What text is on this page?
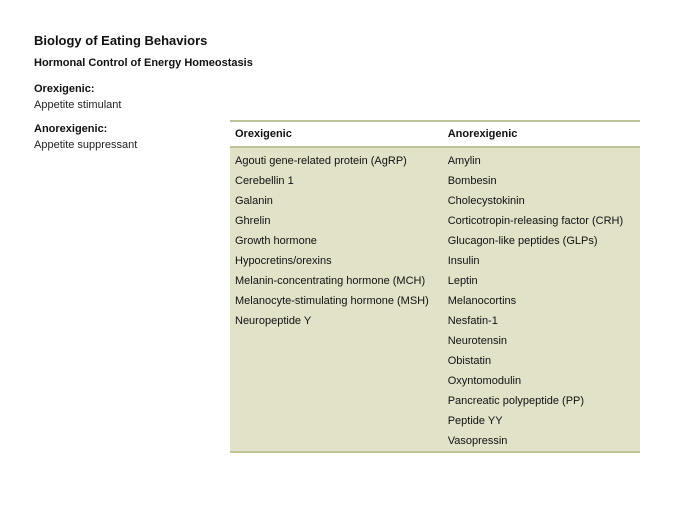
Biology of Eating Behaviors
Hormonal Control of Energy Homeostasis
Orexigenic:
Appetite stimulant
Anorexigenic:
Appetite suppressant
Orexigenic	Anorexigenic
Agouti gene-related protein (AgRP)	Amylin
Cerebellin 1	Bombesin
Galanin	Cholecystokinin
Ghrelin	Corticotropin-releasing factor (CRH)
Growth hormone	Glucagon-like peptides (GLPs)
Hypocretins/orexins	Insulin
Melanin-concentrating hormone (MCH)	Leptin
Melanocyte-stimulating hormone (MSH)	Melanocortins
Neuropeptide Y	Nesfatin-1
	Neurotensin
	Obistatin
	Oxyntomodulin
	Pancreatic polypeptide (PP)
	Peptide YY
	Vasopressin
